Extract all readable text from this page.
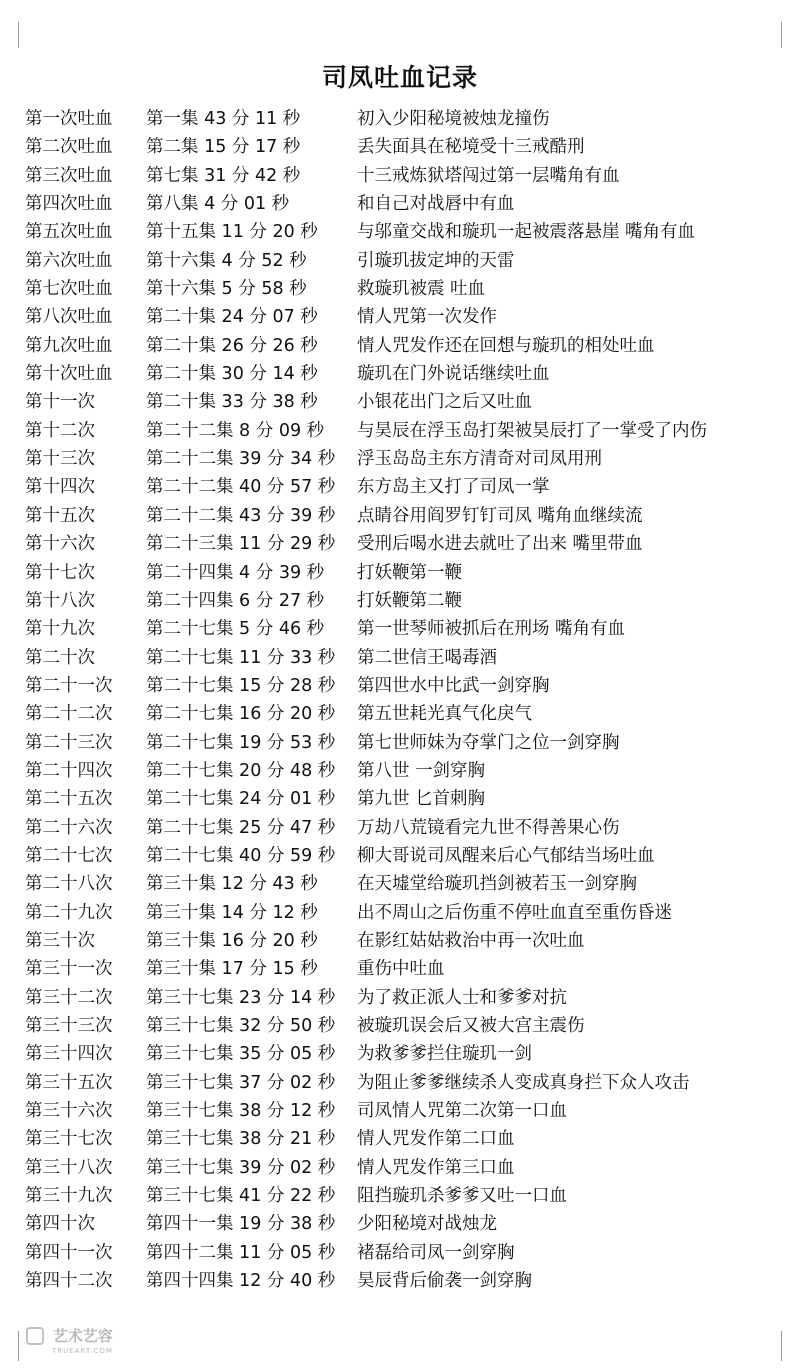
司凤吐血记录
第一次吐血 第一集 43 分 11 秒	初入少阳秘境被烛龙撞伤
第二次吐血 第二集 15 分 17 秒	丢失面具在秘境受十三戒酷刑
第三次吐血 第七集 31 分 42 秒	十三戒炼狱塔闯过第一层嘴角有血
第四次吐血 第八集 4 分 01 秒	和自己对战唇中有血
第五次吐血 第十五集 11 分 20 秒 与邬童交战和璇玑一起被震落悬崖 嘴角有血
第六次吐血 第十六集 4 分 52 秒	引璇玑拔定坤的天雷
第七次吐血 第十六集 5 分 58 秒	救璇玑被震 吐血
第八次吐血 第二十集 24 分 07 秒 情人咒第一次发作
第九次吐血 第二十集 26 分 26 秒 情人咒发作还在回想与璇玑的相处吐血
第十次吐血 第二十集 30 分 14 秒 璇玑在门外说话继续吐血
第十一次	第二十集 33 分 38 秒 小银花出门之后又吐血
第十二次	第二十二集 8 分 09 秒 与昊辰在浮玉岛打架被昊辰打了一掌受了内伤
第十三次	第二十二集 39 分 34 秒 浮玉岛岛主东方清奇对司凤用刑
第十四次	第二十二集 40 分 57 秒 东方岛主又打了司凤一掌
第十五次	第二十二集 43 分 39 秒 点睛谷用阎罗钉钉司凤 嘴角血继续流
第十六次	第二十三集 11 分 29 秒 受刑后喝水进去就吐了出来 嘴里带血
第十七次	第二十四集 4 分 39 秒 打妖鞭第一鞭
第十八次	第二十四集 6 分 27 秒 打妖鞭第二鞭
第十九次	第二十七集 5 分 46 秒 第一世琴师被抓后在刑场 嘴角有血
第二十次	第二十七集 11 分 33 秒 第二世信王喝毒酒
第二十一次 第二十七集 15 分 28 秒 第四世水中比武一剑穿胸
第二十二次 第二十七集 16 分 20 秒 第五世耗光真气化戾气
第二十三次 第二十七集 19 分 53 秒 第七世师妹为夺掌门之位一剑穿胸
第二十四次 第二十七集 20 分 48 秒 第八世 一剑穿胸
第二十五次 第二十七集 24 分 01 秒 第九世 匕首刺胸
第二十六次 第二十七集 25 分 47 秒 万劫八荒镜看完九世不得善果心伤
第二十七次 第二十七集 40 分 59 秒 柳大哥说司凤醒来后心气郁结当场吐血
第二十八次 第三十集 12 分 43 秒 在天墟堂给璇玑挡剑被若玉一剑穿胸
第二十九次 第三十集 14 分 12 秒 出不周山之后伤重不停吐血直至重伤昏迷
第三十次	第三十集 16 分 20 秒 在影红姑姑救治中再一次吐血
第三十一次 第三十集 17 分 15 秒 重伤中吐血
第三十二次 第三十七集 23 分 14 秒 为了救正派人士和爹爹对抗
第三十三次 第三十七集 32 分 50 秒 被璇玑误会后又被大宫主震伤
第三十四次 第三十七集 35 分 05 秒 为救爹爹拦住璇玑一剑
第三十五次 第三十七集 37 分 02 秒 为阻止爹爹继续杀人变成真身拦下众人攻击
第三十六次 第三十七集 38 分 12 秒 司凤情人咒第二次第一口血
第三十七次 第三十七集 38 分 21 秒 情人咒发作第二口血
第三十八次 第三十七集 39 分 02 秒 情人咒发作第三口血
第三十九次 第三十七集 41 分 22 秒 阻挡璇玑杀爹爹又吐一口血
第四十次	第四十一集 19 分 38 秒 少阳秘境对战烛龙
第四十一次 第四十二集 11 分 05 秒 褚磊给司凤一剑穿胸
第四十二次 第四十四集 12 分 40 秒 昊辰背后偷袭一剑穿胸
艺术艺容
TRUEART.COM
